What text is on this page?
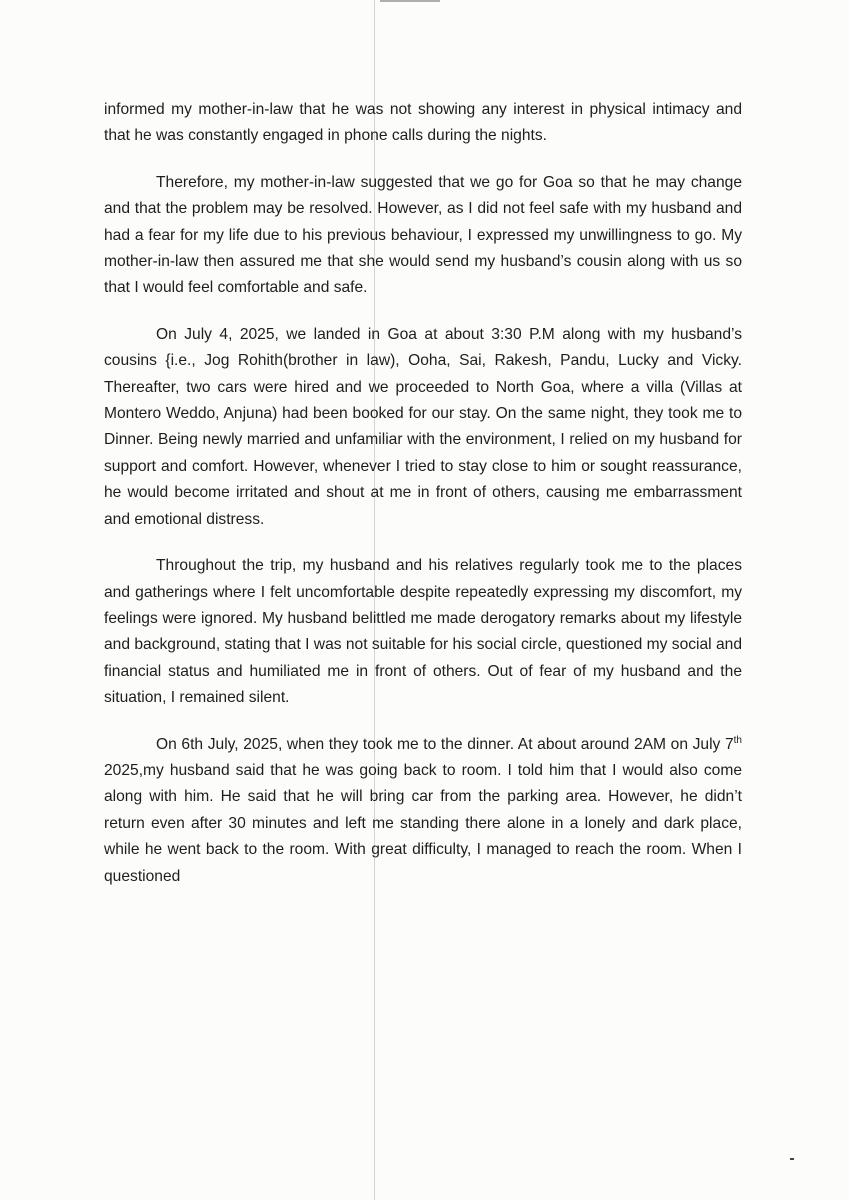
informed my mother-in-law that he was not showing any interest in physical intimacy and that he was constantly engaged in phone calls during the nights.

Therefore, my mother-in-law suggested that we go for Goa so that he may change and that the problem may be resolved. However, as I did not feel safe with my husband and had a fear for my life due to his previous behaviour, I expressed my unwillingness to go. My mother-in-law then assured me that she would send my husband’s cousin along with us so that I would feel comfortable and safe.

On July 4, 2025, we landed in Goa at about 3:30 P.M along with my husband’s cousins {i.e., Jog Rohith(brother in law), Ooha, Sai, Rakesh, Pandu, Lucky and Vicky. Thereafter, two cars were hired and we proceeded to North Goa, where a villa (Villas at Montero Weddo, Anjuna) had been booked for our stay. On the same night, they took me to Dinner. Being newly married and unfamiliar with the environment, I relied on my husband for support and comfort. However, whenever I tried to stay close to him or sought reassurance, he would become irritated and shout at me in front of others, causing me embarrassment and emotional distress.

Throughout the trip, my husband and his relatives regularly took me to the places and gatherings where I felt uncomfortable despite repeatedly expressing my discomfort, my feelings were ignored. My husband belittled me made derogatory remarks about my lifestyle and background, stating that I was not suitable for his social circle, questioned my social and financial status and humiliated me in front of others. Out of fear of my husband and the situation, I remained silent.

On 6th July, 2025, when they took me to the dinner. At about around 2AM on July 7th 2025,my husband said that he was going back to room. I told him that I would also come along with him. He said that he will bring car from the parking area. However, he didn’t return even after 30 minutes and left me standing there alone in a lonely and dark place, while he went back to the room. With great difficulty, I managed to reach the room. When I questioned
